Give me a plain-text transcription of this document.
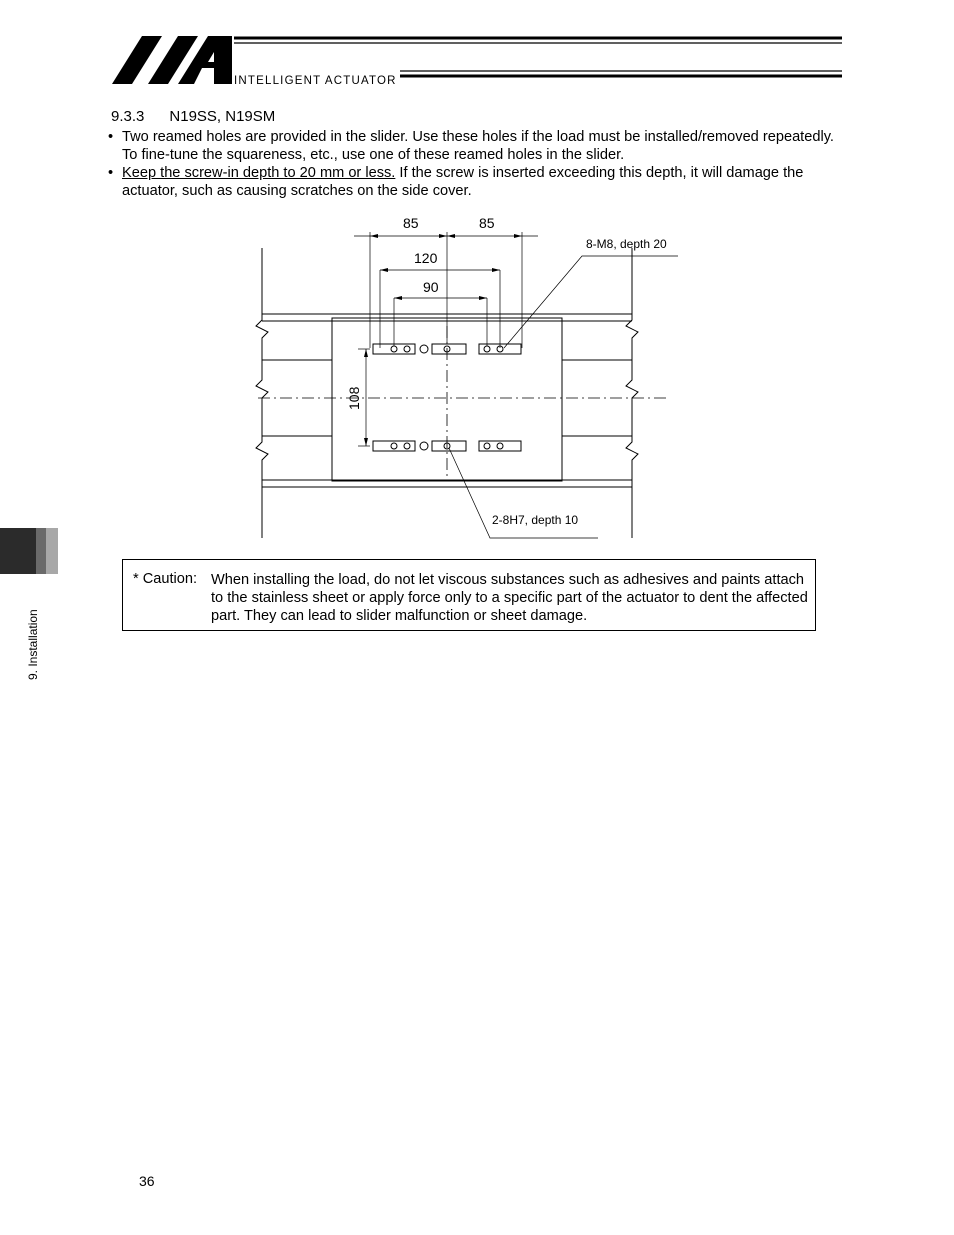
INTELLIGENT ACTUATOR
9.3.3 N19SS, N19SM
• Two reamed holes are provided in the slider. Use these holes if the load must be installed/removed repeatedly. To fine-tune the squareness, etc., use one of these reamed holes in the slider.
• Keep the screw-in depth to 20 mm or less. If the screw is inserted exceeding this depth, it will damage the actuator, such as causing scratches on the side cover.
85	85
120
90
108
8-M8, depth 20
2-8H7, depth 10
* Caution: When installing the load, do not let viscous substances such as adhesives and paints attach to the stainless sheet or apply force only to a specific part of the actuator to dent the affected part. They can lead to slider malfunction or sheet damage.
9. Installation
36
